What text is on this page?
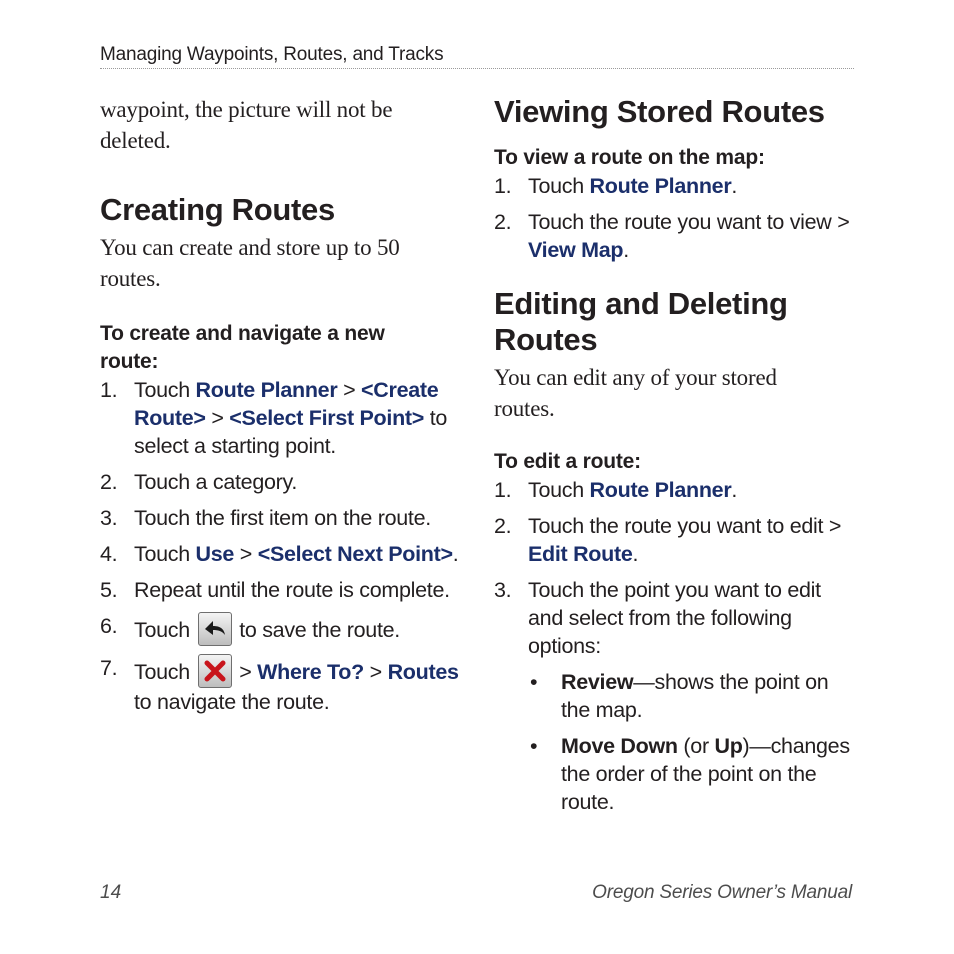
Managing Waypoints, Routes, and Tracks
waypoint, the picture will not be deleted.
Creating Routes
You can create and store up to 50 routes.
To create and navigate a new route:
1. Touch Route Planner > <Create Route> > <Select First Point> to select a starting point.
2. Touch a category.
3. Touch the first item on the route.
4. Touch Use > <Select Next Point>.
5. Repeat until the route is complete.
6. Touch
to save the route.
7. Touch
> Where To? > Routes to navigate the route.
Viewing Stored Routes
To view a route on the map:
1. Touch Route Planner.
2. Touch the route you want to view > View Map.
Editing and Deleting Routes
You can edit any of your stored routes.
To edit a route:
1. Touch Route Planner.
2. Touch the route you want to edit > Edit Route.
3. Touch the point you want to edit and select from the following options:
• Review—shows the point on the map.
• Move Down (or Up)—changes the order of the point on the route.
14	Oregon Series Owner’s Manual
